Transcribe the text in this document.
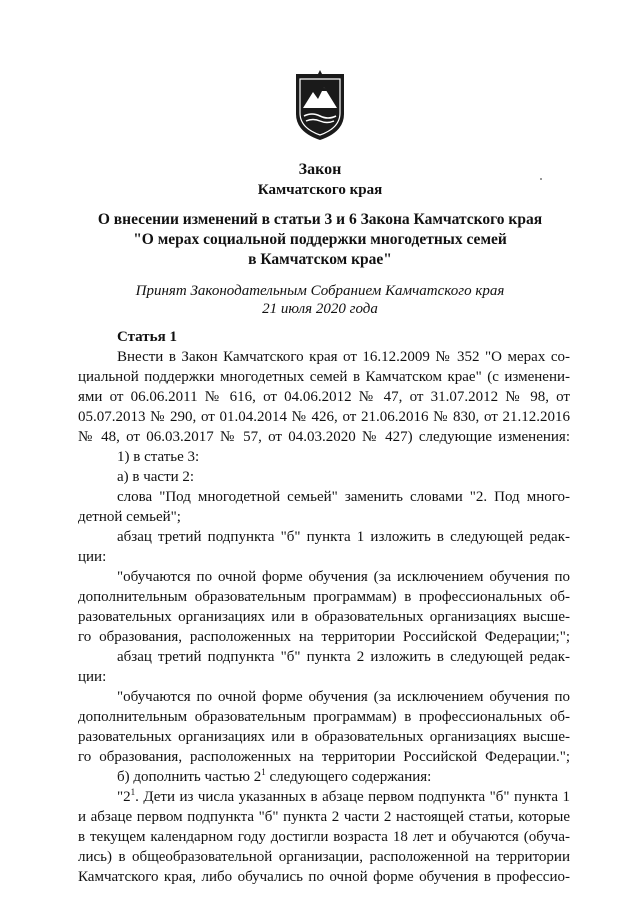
Закон
Камчатского края
О внесении изменений в статьи 3 и 6 Закона Камчатского края
"О мерах социальной поддержки многодетных семей
в Камчатском крае"
Принят Законодательным Собранием Камчатского края
21 июля 2020 года
Статья 1
Внести в Закон Камчатского края от 16.12.2009 № 352 "О мерах со-
циальной поддержки многодетных семей в Камчатском крае" (с изменени-
ями от 06.06.2011 № 616, от 04.06.2012 № 47, от 31.07.2012 № 98, от
05.07.2013 № 290, от 01.04.2014 № 426, от 21.06.2016 № 830, от 21.12.2016
№ 48, от 06.03.2017 № 57, от 04.03.2020 № 427) следующие изменения:
1) в статье 3:
а) в части 2:
слова "Под многодетной семьей" заменить словами "2. Под много-
детной семьей";
абзац третий подпункта "б" пункта 1 изложить в следующей редак-
ции:
"обучаются по очной форме обучения (за исключением обучения по
дополнительным образовательным программам) в профессиональных об-
разовательных организациях или в образовательных организациях высше-
го образования, расположенных на территории Российской Федерации;";
абзац третий подпункта "б" пункта 2 изложить в следующей редак-
ции:
"обучаются по очной форме обучения (за исключением обучения по
дополнительным образовательным программам) в профессиональных об-
разовательных организациях или в образовательных организациях высше-
го образования, расположенных на территории Российской Федерации.";
б) дополнить частью $2^1$ следующего содержания:
"$2^1$. Дети из числа указанных в абзаце первом подпункта "б" пункта 1
и абзаце первом подпункта "б" пункта 2 части 2 настоящей статьи, которые
в текущем календарном году достигли возраста 18 лет и обучаются (обуча-
лись) в общеобразовательной организации, расположенной на территории
Камчатского края, либо обучались по очной форме обучения в профессио-
